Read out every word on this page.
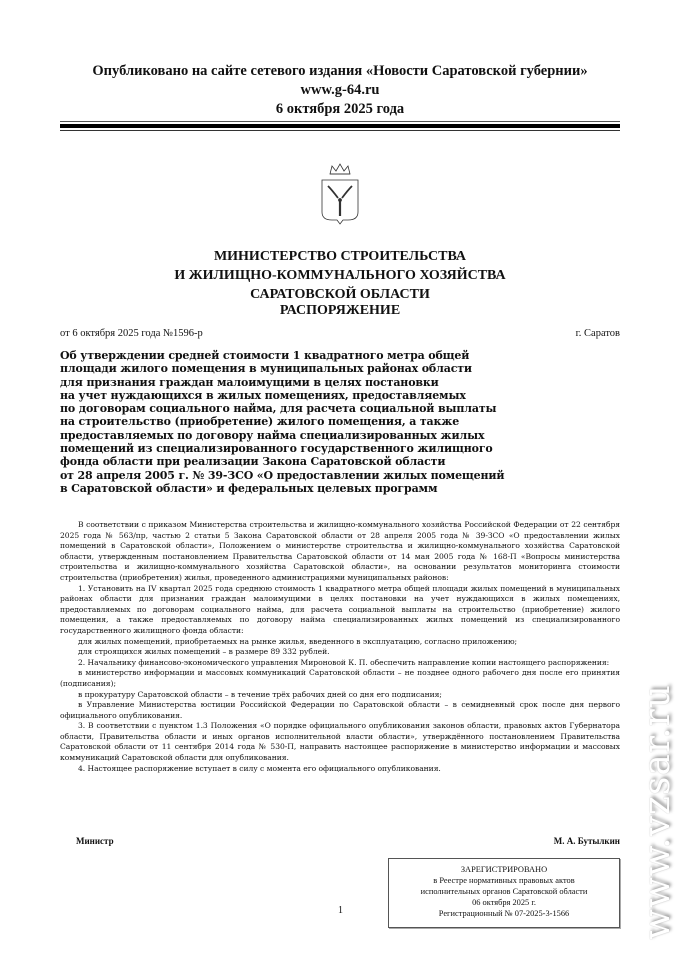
Опубликовано на сайте сетевого издания «Новости Саратовской губернии»
www.g-64.ru
6 октября 2025 года
МИНИСТЕРСТВО СТРОИТЕЛЬСТВА
И ЖИЛИЩНО-КОММУНАЛЬНОГО ХОЗЯЙСТВА
САРАТОВСКОЙ ОБЛАСТИ
РАСПОРЯЖЕНИЕ
от 6 октября 2025 года №1596-р	г. Саратов
Об утверждении средней стоимости 1 квадратного метра общей
площади жилого помещения в муниципальных районах области
для признания граждан малоимущими в целях постановки
на учет нуждающихся в жилых помещениях, предоставляемых
по договорам социального найма, для расчета социальной выплаты
на строительство (приобретение) жилого помещения, а также
предоставляемых по договору найма специализированных жилых
помещений из специализированного государственного жилищного
фонда области при реализации Закона Саратовской области
от 28 апреля 2005 г. № 39-ЗСО «О предоставлении жилых помещений
в Саратовской области» и федеральных целевых программ

В соответствии с приказом Министерства строительства и жилищно-коммунального хозяйства Российской Федерации от 22 сентября 2025 года № 563/пр, частью 2 статьи 5 Закона Саратовской области от 28 апреля 2005 года № 39-ЗСО «О предоставлении жилых помещений в Саратовской области», Положением о министерстве строительства и жилищно-коммунального хозяйства Саратовской области, утвержденным постановлением Правительства Саратовской области от 14 мая 2005 года № 168-П «Вопросы министерства строительства и жилищно-коммунального хозяйства Саратовской области», на основании результатов мониторинга стоимости строительства (приобретения) жилья, проведенного администрациями муниципальных районов:

1. Установить на IV квартал 2025 года среднюю стоимость 1 квадратного метра общей площади жилых помещений в муниципальных районах области для признания граждан малоимущими в целях постановки на учет нуждающихся в жилых помещениях, предоставляемых по договорам социального найма, для расчета социальной выплаты на строительство (приобретение) жилого помещения, а также предоставляемых по договору найма специализированных жилых помещений из специализированного государственного жилищного фонда области:

для жилых помещений, приобретаемых на рынке жилья, введенного в эксплуатацию, согласно приложению;

для строящихся жилых помещений – в размере 89 332 рублей.

2. Начальнику финансово-экономического управления Мироновой К. П. обеспечить направление копии настоящего распоряжения:

в министерство информации и массовых коммуникаций Саратовской области – не позднее одного рабочего дня после его принятия (подписания);

в прокуратуру Саратовской области – в течение трёх рабочих дней со дня его подписания;

в Управление Министерства юстиции Российской Федерации по Саратовской области – в семидневный срок после дня первого официального опубликования.

3. В соответствии с пунктом 1.3 Положения «О порядке официального опубликования законов области, правовых актов Губернатора области, Правительства области и иных органов исполнительной власти области», утверждённого постановлением Правительства Саратовской области от 11 сентября 2014 года № 530-П, направить настоящее распоряжение в министерство информации и массовых коммуникаций Саратовской области для опубликования.

4. Настоящее распоряжение вступает в силу с момента его официального опубликования.

Министр	М. А. Бутылкин
1
ЗАРЕГИСТРИРОВАНО
в Реестре нормативных правовых актов
исполнительных органов Саратовской области
06 октября 2025 г.
Регистрационный № 07-2025-3-1566	www.vzsar.ru
